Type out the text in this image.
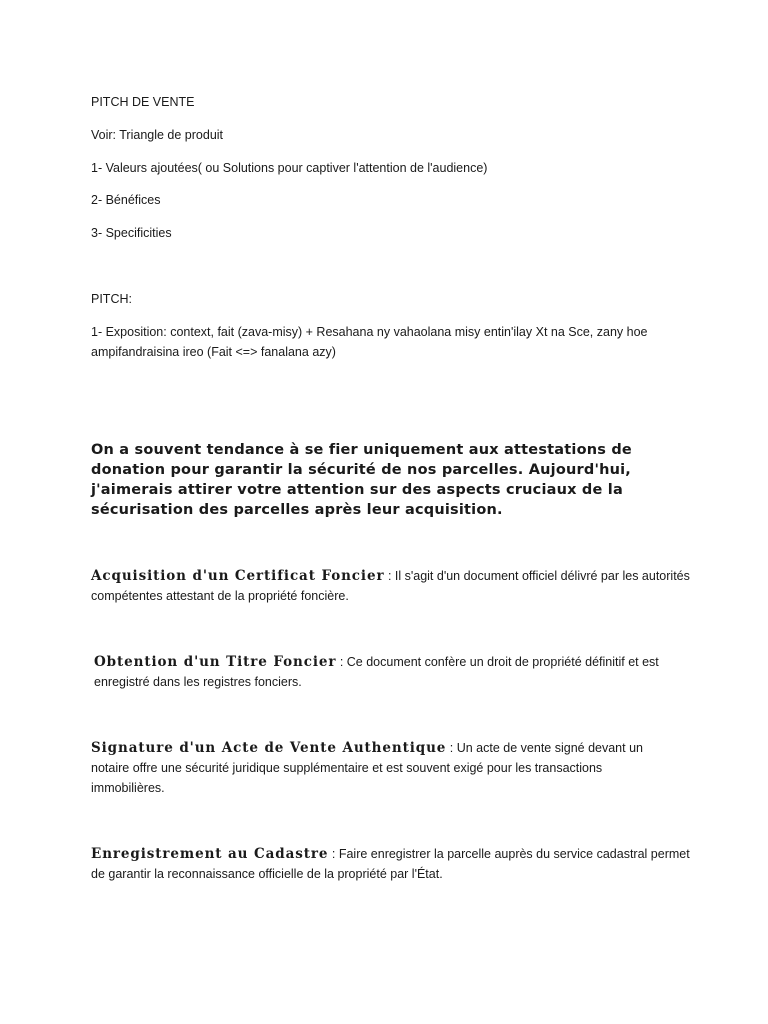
PITCH DE VENTE

Voir: Triangle de produit

1- Valeurs ajoutées( ou Solutions pour captiver l'attention de l'audience)

2- Bénéfices

3- Specificities

PITCH:

1- Exposition: context, fait (zava-misy) + Resahana ny vahaolana misy entin'ilay Xt na Sce, zany hoe ampifandraisina ireo (Fait <=> fanalana azy)

On a souvent tendance à se fier uniquement aux attestations de donation pour garantir la sécurité de nos parcelles. Aujourd'hui, j'aimerais attirer votre attention sur des aspects cruciaux de la sécurisation des parcelles après leur acquisition.

Acquisition d'un Certificat Foncier : Il s'agit d'un document officiel délivré par les autorités compétentes attestant de la propriété foncière.

Obtention d'un Titre Foncier : Ce document confère un droit de propriété définitif et est enregistré dans les registres fonciers.

Signature d'un Acte de Vente Authentique : Un acte de vente signé devant un notaire offre une sécurité juridique supplémentaire et est souvent exigé pour les transactions immobilières.

Enregistrement au Cadastre : Faire enregistrer la parcelle auprès du service cadastral permet de garantir la reconnaissance officielle de la propriété par l'État.
